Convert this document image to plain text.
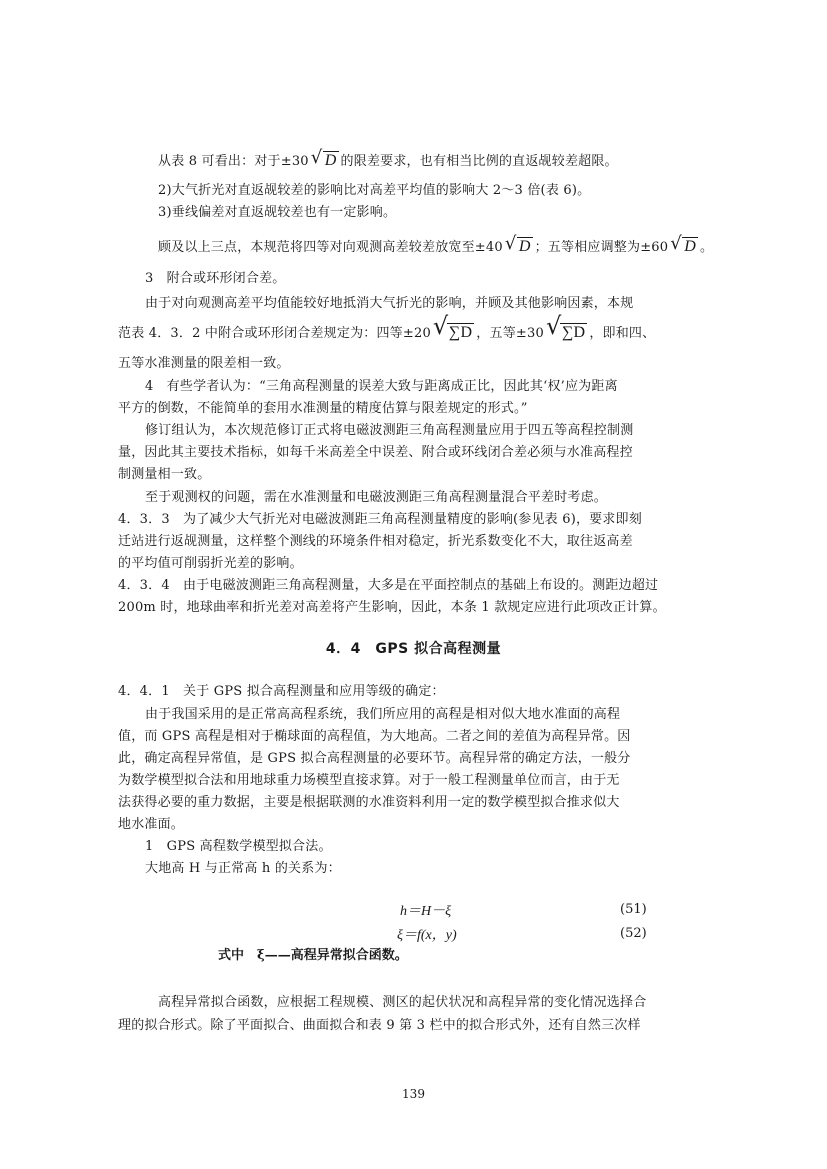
从表 8 可看出：对于±30 √ D 的限差要求，也有相当比例的直返觇较差超限。
2)大气折光对直返觇较差的影响比对高差平均值的影响大 2～3 倍(表 6)。
3)垂线偏差对直返觇较差也有一定影响。
顾及以上三点，本规范将四等对向观测高差较差放宽至±40 √ D ；五等相应调整为±60 √ D 。
3　附合或环形闭合差。
由于对向观测高差平均值能较好地抵消大气折光的影响，并顾及其他影响因素，本规
范表 4．3．2 中附合或环形闭合差规定为：四等±20 √ ∑D ，五等±30 √ ∑D ，即和四、
五等水准测量的限差相一致。
4　有些学者认为：“三角高程测量的误差大致与距离成正比，因此其‘权’应为距离
平方的倒数，不能简单的套用水准测量的精度估算与限差规定的形式。”
修订组认为，本次规范修订正式将电磁波测距三角高程测量应用于四五等高程控制测
量，因此其主要技术指标，如每千米高差全中误差、附合或环线闭合差必须与水准高程控
制测量相一致。
至于观测权的问题，需在水准测量和电磁波测距三角高程测量混合平差时考虑。
4．3．3　为了减少大气折光对电磁波测距三角高程测量精度的影响(参见表 6)，要求即刻
迁站进行返觇测量，这样整个测线的环境条件相对稳定，折光系数变化不大，取往返高差
的平均值可削弱折光差的影响。
4．3．4　由于电磁波测距三角高程测量，大多是在平面控制点的基础上布设的。测距边超过
200m 时，地球曲率和折光差对高差将产生影响，因此，本条 1 款规定应进行此项改正计算。
4．4　GPS 拟合高程测量
4．4．1　关于 GPS 拟合高程测量和应用等级的确定：
由于我国采用的是正常高高程系统，我们所应用的高程是相对似大地水准面的高程
值，而 GPS 高程是相对于椭球面的高程值，为大地高。二者之间的差值为高程异常。因
此，确定高程异常值，是 GPS 拟合高程测量的必要环节。高程异常的确定方法，一般分
为数学模型拟合法和用地球重力场模型直接求算。对于一般工程测量单位而言，由于无
法获得必要的重力数据，主要是根据联测的水准资料利用一定的数学模型拟合推求似大
地水准面。
1　GPS 高程数学模型拟合法。
大地高 H 与正常高 h 的关系为：
h＝H－ξ	(51)
ξ＝f(x，y)	(52)
式中　ξ——高程异常拟合函数。
高程异常拟合函数，应根据工程规模、测区的起伏状况和高程异常的变化情况选择合
理的拟合形式。除了平面拟合、曲面拟合和表 9 第 3 栏中的拟合形式外，还有自然三次样
139
